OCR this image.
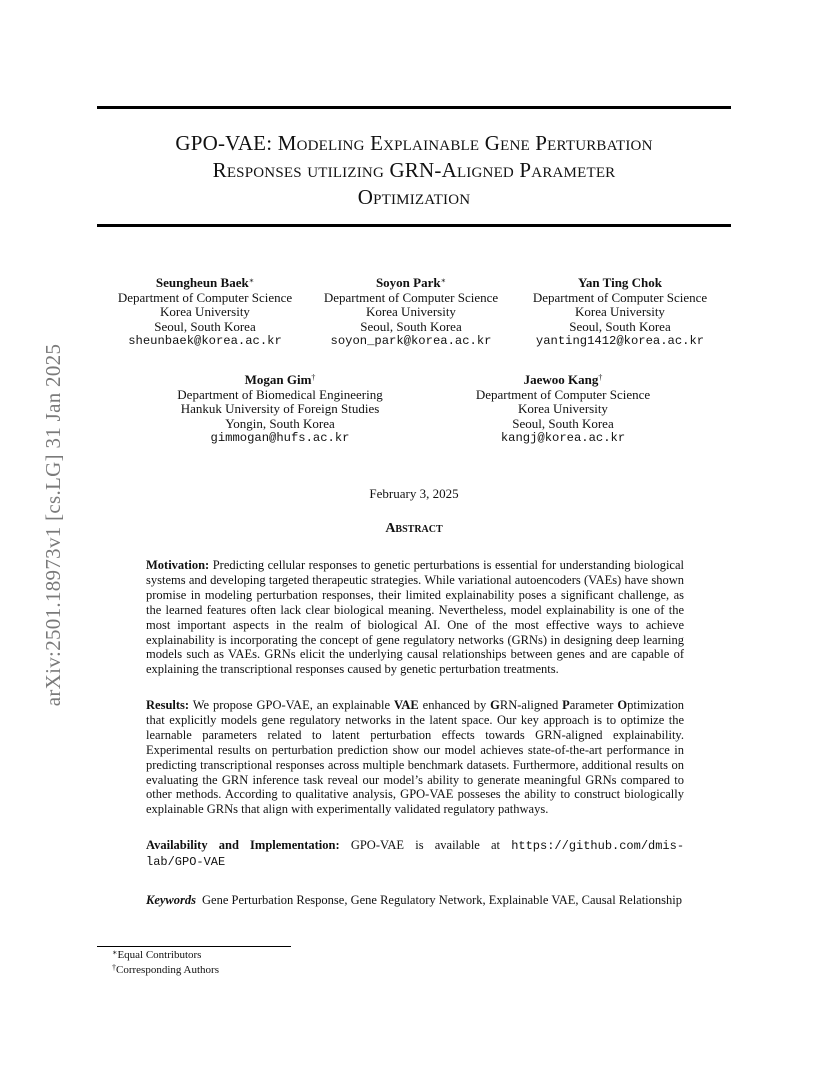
arXiv:2501.18973v1 [cs.LG] 31 Jan 2025
GPO-VAE: Modeling Explainable Gene Perturbation
Responses utilizing GRN-Aligned Parameter
Optimization
Seungheun Baek∗
Department of Computer Science
Korea University
Seoul, South Korea
sheunbaek@korea.ac.kr
Soyon Park∗
Department of Computer Science
Korea University
Seoul, South Korea
soyon_park@korea.ac.kr
Yan Ting Chok
Department of Computer Science
Korea University
Seoul, South Korea
yanting1412@korea.ac.kr
Mogan Gim†
Department of Biomedical Engineering
Hankuk University of Foreign Studies
Yongin, South Korea
gimmogan@hufs.ac.kr
Jaewoo Kang†
Department of Computer Science
Korea University
Seoul, South Korea
kangj@korea.ac.kr
February 3, 2025
Abstract
Motivation: Predicting cellular responses to genetic perturbations is essential for understanding biological systems and developing targeted therapeutic strategies. While variational autoencoders (VAEs) have shown promise in modeling perturbation responses, their limited explainability poses a significant challenge, as the learned features often lack clear biological meaning. Nevertheless, model explainability is one of the most important aspects in the realm of biological AI. One of the most effective ways to achieve explainability is incorporating the concept of gene regulatory networks (GRNs) in designing deep learning models such as VAEs. GRNs elicit the underlying causal relationships between genes and are capable of explaining the transcriptional responses caused by genetic perturbation treatments.
Results: We propose GPO-VAE, an explainable VAE enhanced by GRN-aligned Parameter Optimization that explicitly models gene regulatory networks in the latent space. Our key approach is to optimize the learnable parameters related to latent perturbation effects towards GRN-aligned explainability. Experimental results on perturbation prediction show our model achieves state-of-the-art performance in predicting transcriptional responses across multiple benchmark datasets. Furthermore, additional results on evaluating the GRN inference task reveal our model’s ability to generate meaningful GRNs compared to other methods. According to qualitative analysis, GPO-VAE posseses the ability to construct biologically explainable GRNs that align with experimentally validated regulatory pathways.
Availability and Implementation: GPO-VAE is available at https://github.com/dmis-lab/GPO-VAE
Keywords Gene Perturbation Response, Gene Regulatory Network, Explainable VAE, Causal Relationship
∗Equal Contributors
†Corresponding Authors
